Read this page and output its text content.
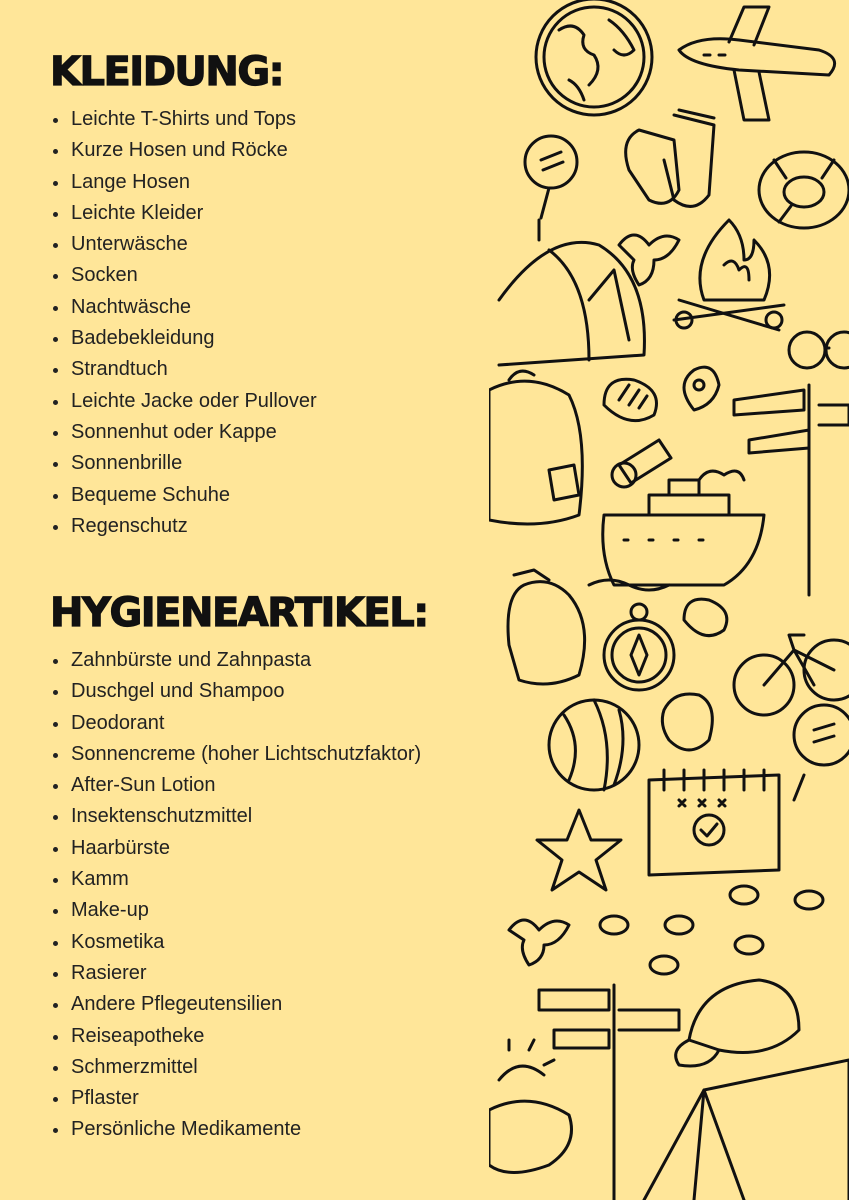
KLEIDUNG:
Leichte T-Shirts und Tops
Kurze Hosen und Röcke
Lange Hosen
Leichte Kleider
Unterwäsche
Socken
Nachtwäsche
Badebekleidung
Strandtuch
Leichte Jacke oder Pullover
Sonnenhut oder Kappe
Sonnenbrille
Bequeme Schuhe
Regenschutz
HYGIENEARTIKEL:
Zahnbürste und Zahnpasta
Duschgel und Shampoo
Deodorant
Sonnencreme (hoher Lichtschutzfaktor)
After-Sun Lotion
Insektenschutzmittel
Haarbürste
Kamm
Make-up
Kosmetika
Rasierer
Andere Pflegeutensilien
Reiseapotheke
Schmerzmittel
Pflaster
Persönliche Medikamente
